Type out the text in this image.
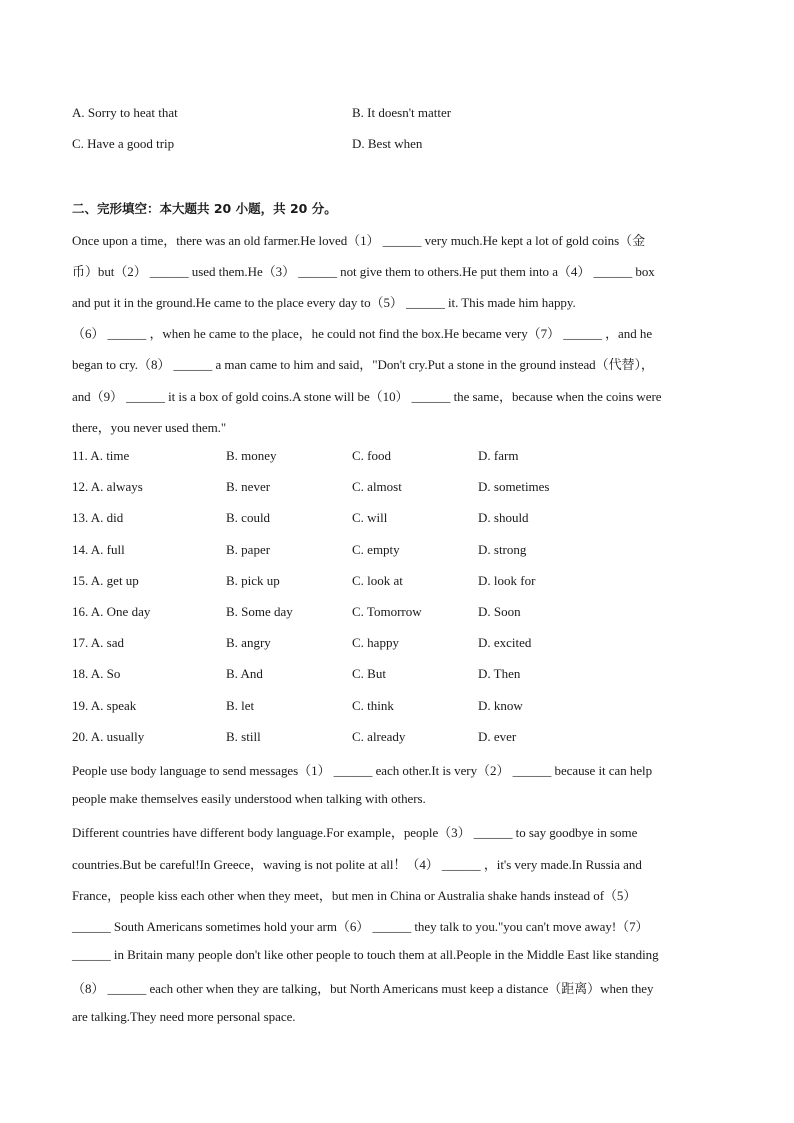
A. Sorry to heat that	B. It doesn't matter
C. Have a good trip	D. Best when
二、完形填空：本大题共 20 小题，共 20 分。
Once upon a time，there was an old farmer.He loved（1） ______ very much.He kept a lot of gold coins（金
币）but（2） ______ used them.He（3） ______ not give them to others.He put them into a（4） ______ box
and put it in the ground.He came to the place every day to（5） ______ it. This made him happy.
（6） ______ ，when he came to the place，he could not find the box.He became very（7） ______ ，and he
began to cry.（8） ______ a man came to him and said，"Don't cry.Put a stone in the ground instead（代替），
and（9） ______ it is a box of gold coins.A stone will be（10） ______ the same，because when the coins were
there，you never used them."
11. A. time	B. money	C. food	D. farm
12. A. always	B. never	C. almost	D. sometimes
13. A. did	B. could	C. will	D. should
14. A. full	B. paper	C. empty	D. strong
15. A. get up	B. pick up	C. look at	D. look for
16. A. One day	B. Some day	C. Tomorrow	D. Soon
17. A. sad	B. angry	C. happy	D. excited
18. A. So	B. And	C. But	D. Then
19. A. speak	B. let	C. think	D. know
20. A. usually	B. still	C. already	D. ever
People use body language to send messages（1） ______ each other.It is very（2） ______ because it can help
people make themselves easily understood when talking with others.
Different countries have different body language.For example，people（3） ______ to say goodbye in some
countries.But be careful!In Greece，waving is not polite at all！（4） ______ ，it's very made.In Russia and
France，people kiss each other when they meet，but men in China or Australia shake hands instead of（5）
______ South Americans sometimes hold your arm（6） ______ they talk to you."you can't move away!（7）
______ in Britain many people don't like other people to touch them at all.People in the Middle East like standing
（8） ______ each other when they are talking，but North Americans must keep a distance（距离）when they
are talking.They need more personal space.
